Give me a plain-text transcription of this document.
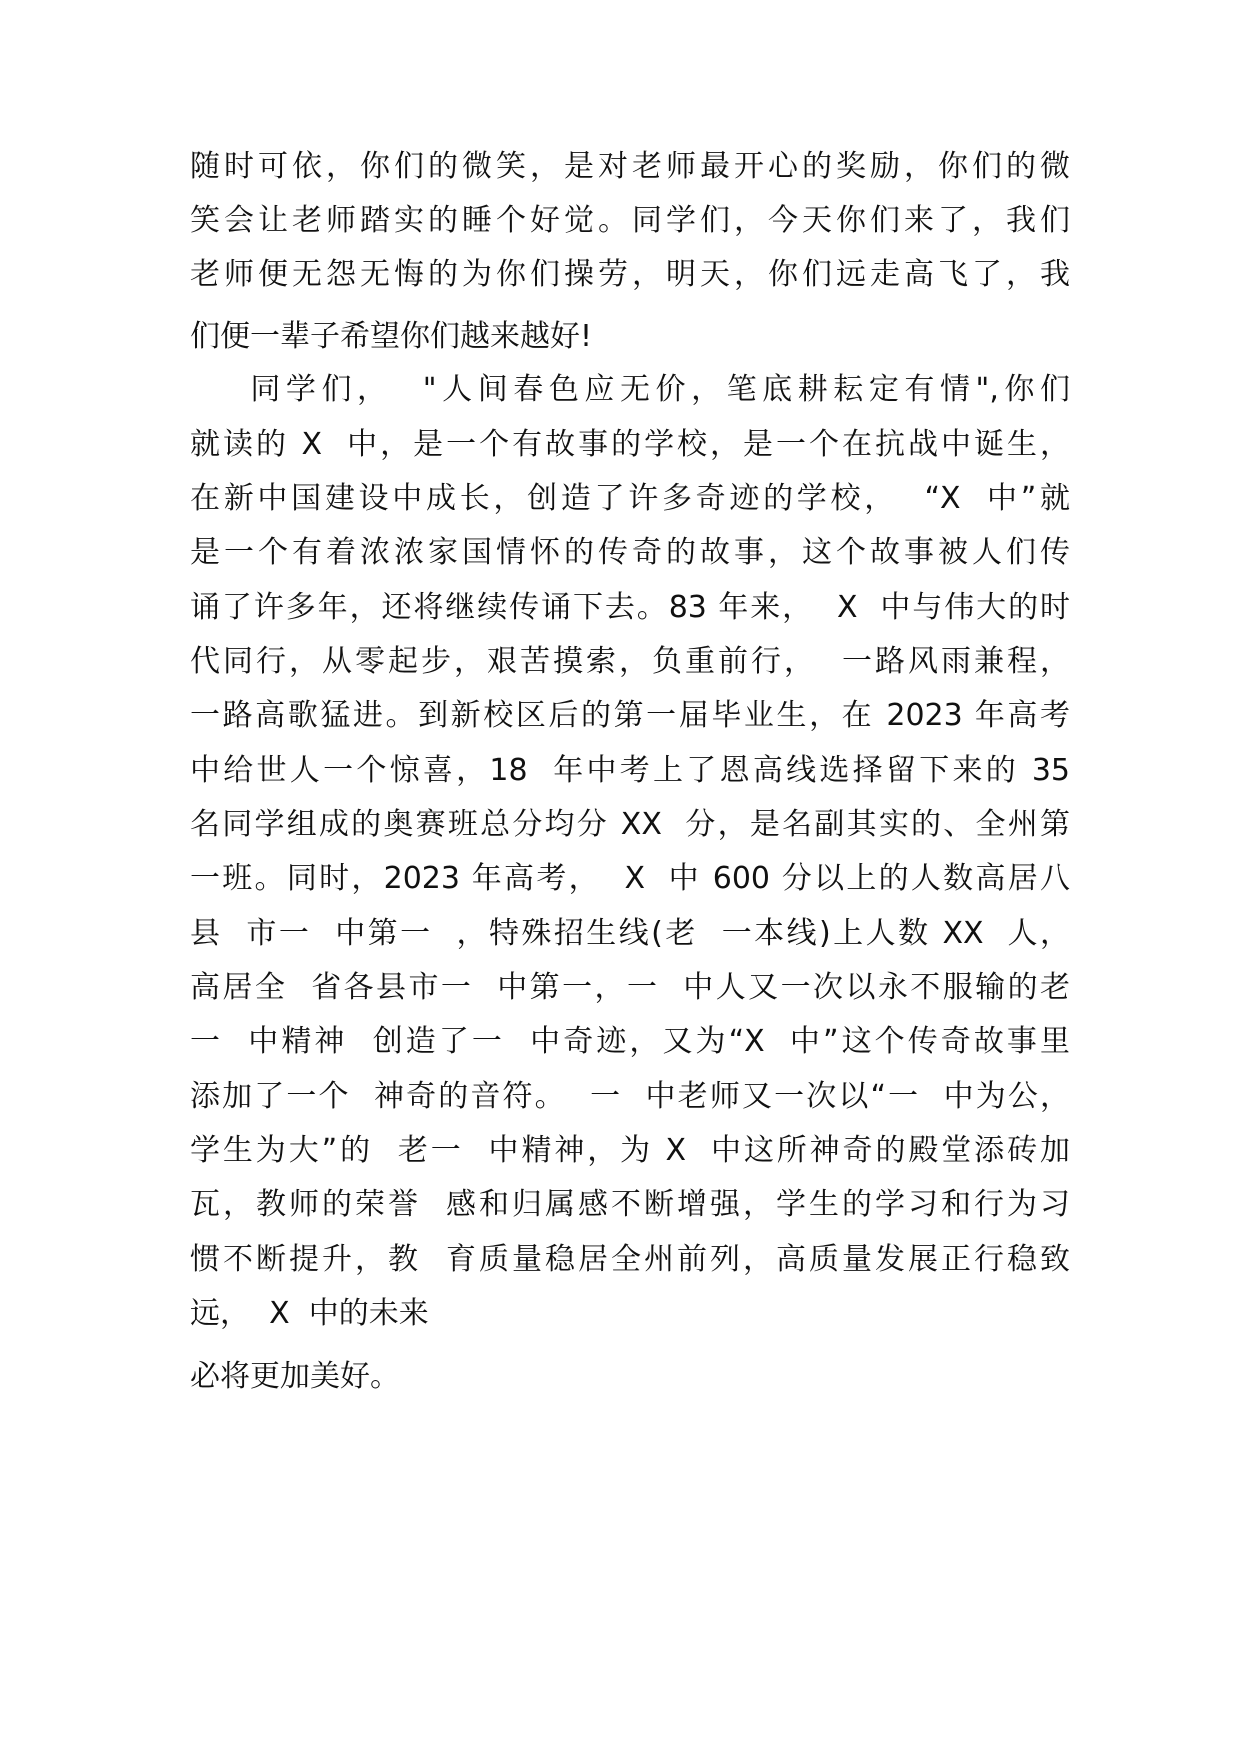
随时可依，你们的微笑，是对老师最开心的奖励，你们的微

笑会让老师踏实的睡个好觉。同学们，今天你们来了，我们

老师便无怨无悔的为你们操劳，明天，你们远走高飞了，我

们便一辈子希望你们越来越好!

同学们，  "人间春色应无价，笔底耕耘定有情",你们

就读的 X  中，是一个有故事的学校，是一个在抗战中诞生，

在新中国建设中成长，创造了许多奇迹的学校，  “X  中”就

是一个有着浓浓家国情怀的传奇的故事，这个故事被人们传

诵了许多年，还将继续传诵下去。83 年来，  X  中与伟大的时

代同行，从零起步，艰苦摸索，负重前行，  一路风雨兼程，

一路高歌猛进。到新校区后的第一届毕业生，在 2023 年高考

中给世人一个惊喜，18  年中考上了恩高线选择留下来的 35

名同学组成的奥赛班总分均分 XX  分，是名副其实的、全州第

一班。同时，2023 年高考，  X  中 600 分以上的人数高居八

县  市一  中第一  ，特殊招生线(老  一本线)上人数 XX  人，

高居全  省各县市一  中第一，一  中人又一次以永不服输的老

一  中精神  创造了一  中奇迹，又为“X  中”这个传奇故事里

添加了一个  神奇的音符。  一  中老师又一次以“一  中为公，

学生为大”的  老一  中精神，为 X  中这所神奇的殿堂添砖加

瓦，教师的荣誉  感和归属感不断增强，学生的学习和行为习

惯不断提升，教  育质量稳居全州前列，高质量发展正行稳致

远，  X  中的未来

必将更加美好。
